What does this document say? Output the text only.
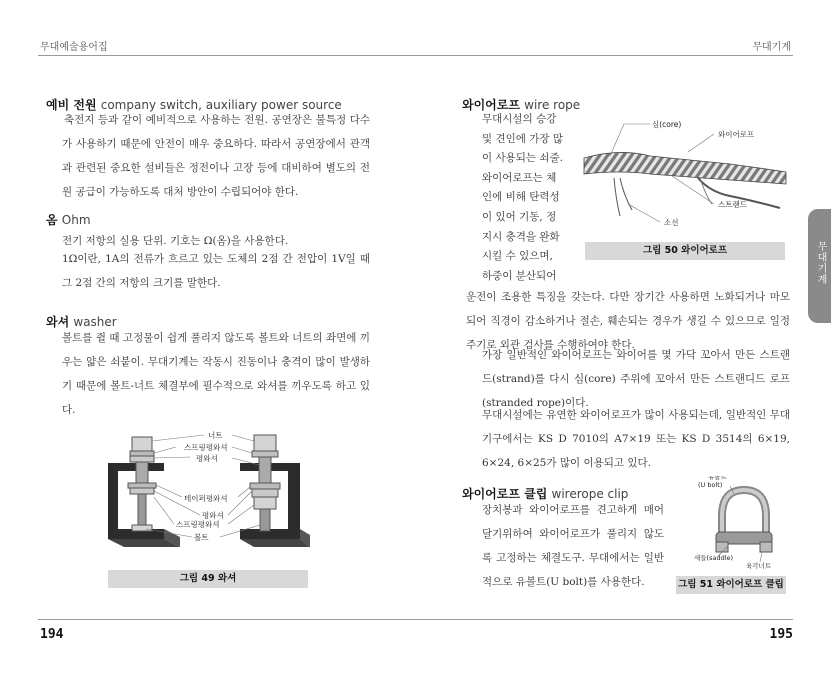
무대예술용어집	무대기계
무대기계
예비 전원 company switch, auxiliary power source
축전지 등과 같이 예비적으로 사용하는 전원. 공연장은 불특정 다수가 사용하기 때문에 안전이 매우 중요하다. 따라서 공연장에서 관객과 관련된 중요한 설비들은 정전이나 고장 등에 대비하여 별도의 전원 공급이 가능하도록 대처 방안이 수립되어야 한다.
옴 Ohm
전기 저항의 실용 단위. 기호는 Ω(옴)을 사용한다.
1Ω이란, 1A의 전류가 흐르고 있는 도체의 2점 간 전압이 1V일 때 그 2점 간의 저항의 크기를 말한다.
와셔 washer
볼트를 쥘 때 고정물이 쉽게 풀리지 않도록 볼트와 너트의 좌면에 끼우는 얇은 쇠붙이. 무대기계는 작동시 진동이나 충격이 많이 발생하기 때문에 볼트-너트 체결부에 필수적으로 와셔를 끼우도록 하고 있다.
너트
스프링평와셔
평와셔
테이퍼평와셔
평와셔
스프링평와셔
볼트
그림 49 와셔
194
와이어로프 wire rope
무대시설의 승강
및 견인에 가장 많
이 사용되는 쇠줄.
와이어로프는 체
인에 비해 탄력성
이 있어 기동, 정
지시 충격을 완화
시킬 수 있으며,
하중이 분산되어
심(core)
와이어로프
스트랜드
소선
그림 50 와이어로프
운전이 조용한 특징을 갖는다. 다만 장기간 사용하면 노화되거나 마모되어 직경이 감소하거나 절손, 훼손되는 경우가 생길 수 있으므로 일정 주기로 외관 검사를 수행하여야 한다.
가장 일반적인 와이어로프는 와이어를 몇 가닥 꼬아서 만든 스트랜드(strand)를 다시 심(core) 주위에 꼬아서 만든 스트랜디드 로프(stranded rope)이다.
무대시설에는 유연한 와이어로프가 많이 사용되는데, 일반적인 무대기구에서는 KS D 7010의 A7×19 또는 KS D 3514의 6×19, 6×24, 6×25가 많이 이용되고 있다.
와이어로프 클립 wirerope clip
장치봉과 와이어로프를 견고하게 매어달기위하여 와이어로프가 풀리지 않도록 고정하는 체결도구. 무대에서는 일반적으로 유볼트(U bolt)를 사용한다.
유볼트
(U bolt)
새들(saddle)
육각너트
그림 51 와이어로프 클립
195
